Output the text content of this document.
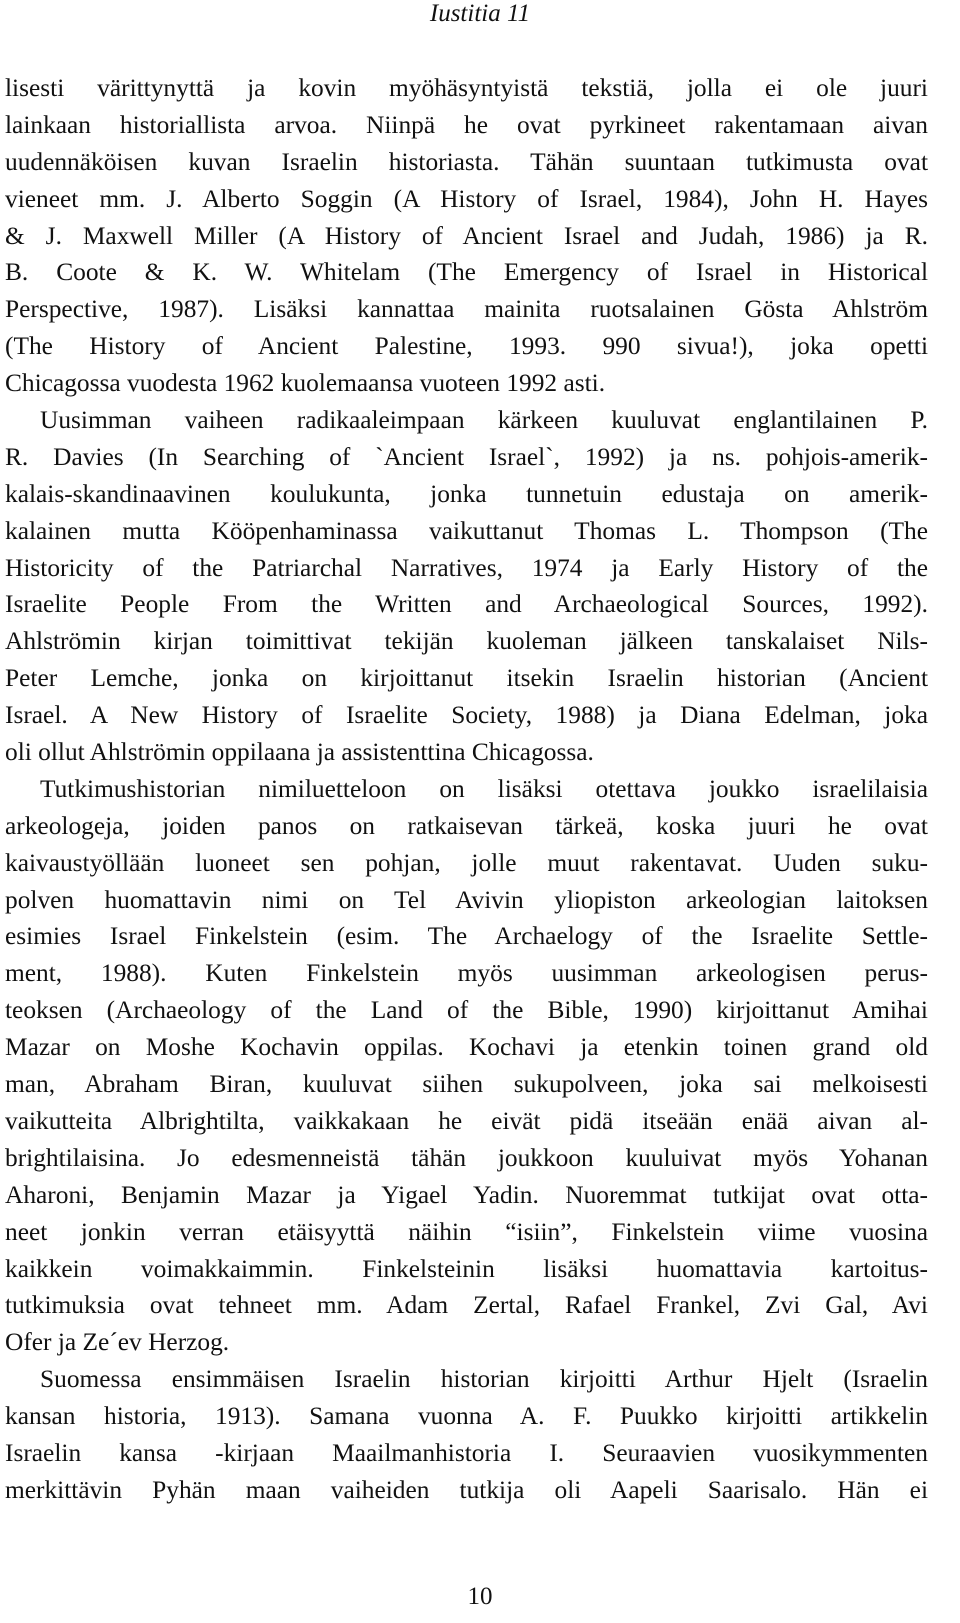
Iustitia 11
lisesti värittynyttä ja kovin myöhäsyntyistä tekstiä, jolla ei ole juuri
lainkaan historiallista arvoa. Niinpä he ovat pyrkineet rakentamaan aivan
uudennäköisen kuvan Israelin historiasta. Tähän suuntaan tutkimusta ovat
vieneet mm. J. Alberto Soggin (A History of Israel, 1984), John H. Hayes
& J. Maxwell Miller (A History of Ancient Israel and Judah, 1986) ja R.
B. Coote & K. W. Whitelam (The Emergency of Israel in Historical
Perspective, 1987). Lisäksi kannattaa mainita ruotsalainen Gösta Ahlström
(The History of Ancient Palestine, 1993. 990 sivua!), joka opetti
Chicagossa vuodesta 1962 kuolemaansa vuoteen 1992 asti.
Uusimman vaiheen radikaaleimpaan kärkeen kuuluvat englantilainen P.
R. Davies (In Searching of `Ancient Israel`, 1992) ja ns. pohjois-amerik-
kalais-skandinaavinen koulukunta, jonka tunnetuin edustaja on amerik-
kalainen mutta Kööpenhaminassa vaikuttanut Thomas L. Thompson (The
Historicity of the Patriarchal Narratives, 1974 ja Early History of the
Israelite People From the Written and Archaeological Sources, 1992).
Ahlströmin kirjan toimittivat tekijän kuoleman jälkeen tanskalaiset Nils-
Peter Lemche, jonka on kirjoittanut itsekin Israelin historian (Ancient
Israel. A New History of Israelite Society, 1988) ja Diana Edelman, joka
oli ollut Ahlströmin oppilaana ja assistenttina Chicagossa.
Tutkimushistorian nimiluetteloon on lisäksi otettava joukko israelilaisia
arkeologeja, joiden panos on ratkaisevan tärkeä, koska juuri he ovat
kaivaustyöllään luoneet sen pohjan, jolle muut rakentavat. Uuden suku-
polven huomattavin nimi on Tel Avivin yliopiston arkeologian laitoksen
esimies Israel Finkelstein (esim. The Archaelogy of the Israelite Settle-
ment, 1988). Kuten Finkelstein myös uusimman arkeologisen perus-
teoksen (Archaeology of the Land of the Bible, 1990) kirjoittanut Amihai
Mazar on Moshe Kochavin oppilas. Kochavi ja etenkin toinen grand old
man, Abraham Biran, kuuluvat siihen sukupolveen, joka sai melkoisesti
vaikutteita Albrightilta, vaikkakaan he eivät pidä itseään enää aivan al-
brightilaisina. Jo edesmenneistä tähän joukkoon kuuluivat myös Yohanan
Aharoni, Benjamin Mazar ja Yigael Yadin. Nuoremmat tutkijat ovat otta-
neet jonkin verran etäisyyttä näihin “isiin”, Finkelstein viime vuosina
kaikkein voimakkaimmin. Finkelsteinin lisäksi huomattavia kartoitus-
tutkimuksia ovat tehneet mm. Adam Zertal, Rafael Frankel, Zvi Gal, Avi
Ofer ja Ze´ev Herzog.
Suomessa ensimmäisen Israelin historian kirjoitti Arthur Hjelt (Israelin
kansan historia, 1913). Samana vuonna A. F. Puukko kirjoitti artikkelin
Israelin kansa -kirjaan Maailmanhistoria I. Seuraavien vuosikymmenten
merkittävin Pyhän maan vaiheiden tutkija oli Aapeli Saarisalo. Hän ei
10
